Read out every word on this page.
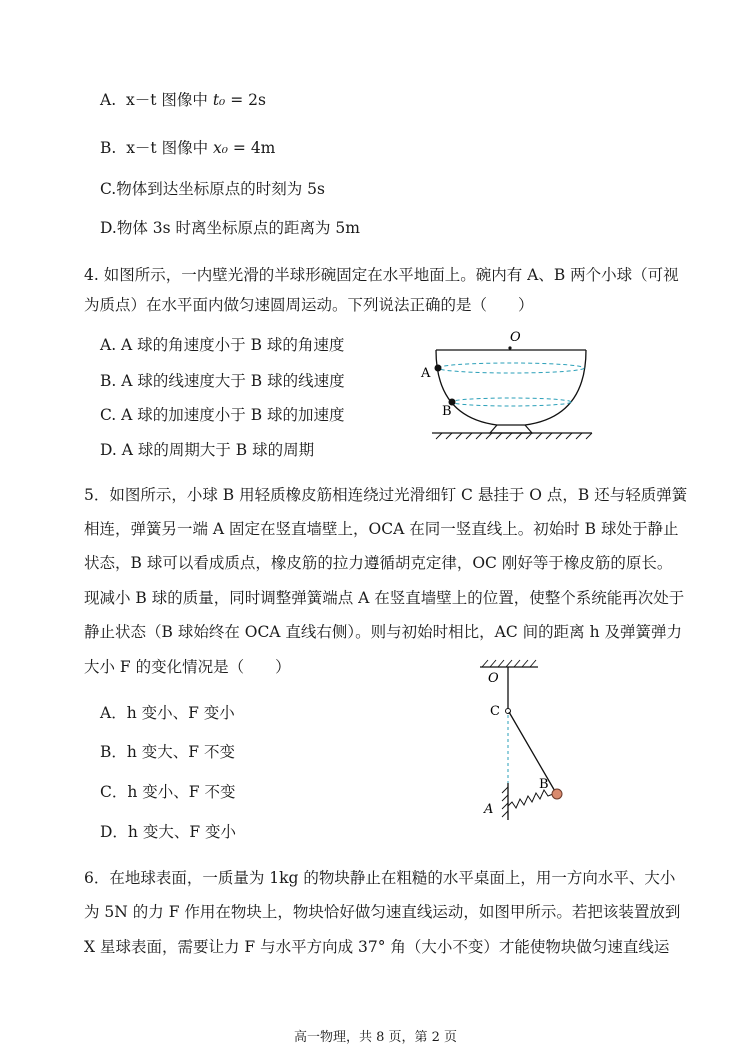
A. x－t 图像中 t₀ = 2s
B. x－t 图像中 x₀ = 4m
C.物体到达坐标原点的时刻为 5s
D.物体 3s 时离坐标原点的距离为 5m
4. 如图所示，一内壁光滑的半球形碗固定在水平地面上。碗内有 A、B 两个小球（可视
为质点）在水平面内做匀速圆周运动。下列说法正确的是（　　）
A. A 球的角速度小于 B 球的角速度
B. A 球的线速度大于 B 球的线速度
C. A 球的加速度小于 B 球的加速度
D. A 球的周期大于 B 球的周期
O
A
B
5．如图所示，小球 B 用轻质橡皮筋相连绕过光滑细钉 C 悬挂于 O 点，B 还与轻质弹簧
相连，弹簧另一端 A 固定在竖直墙壁上，OCA 在同一竖直线上。初始时 B 球处于静止
状态，B 球可以看成质点，橡皮筋的拉力遵循胡克定律，OC 刚好等于橡皮筋的原长。
现减小 B 球的质量，同时调整弹簧端点 A 在竖直墙壁上的位置，使整个系统能再次处于
静止状态（B 球始终在 OCA 直线右侧）。则与初始时相比，AC 间的距离 h 及弹簧弹力
大小 F 的变化情况是（　　）
A．h 变小、F 变小
B．h 变大、F 不变
C．h 变小、F 不变
D．h 变大、F 变小
O
C
A
B
6．在地球表面，一质量为 1kg 的物块静止在粗糙的水平桌面上，用一方向水平、大小
为 5N 的力 F 作用在物块上，物块恰好做匀速直线运动，如图甲所示。若把该装置放到
X 星球表面，需要让力 F 与水平方向成 37° 角（大小不变）才能使物块做匀速直线运
高一物理，共 8 页，第 2 页
